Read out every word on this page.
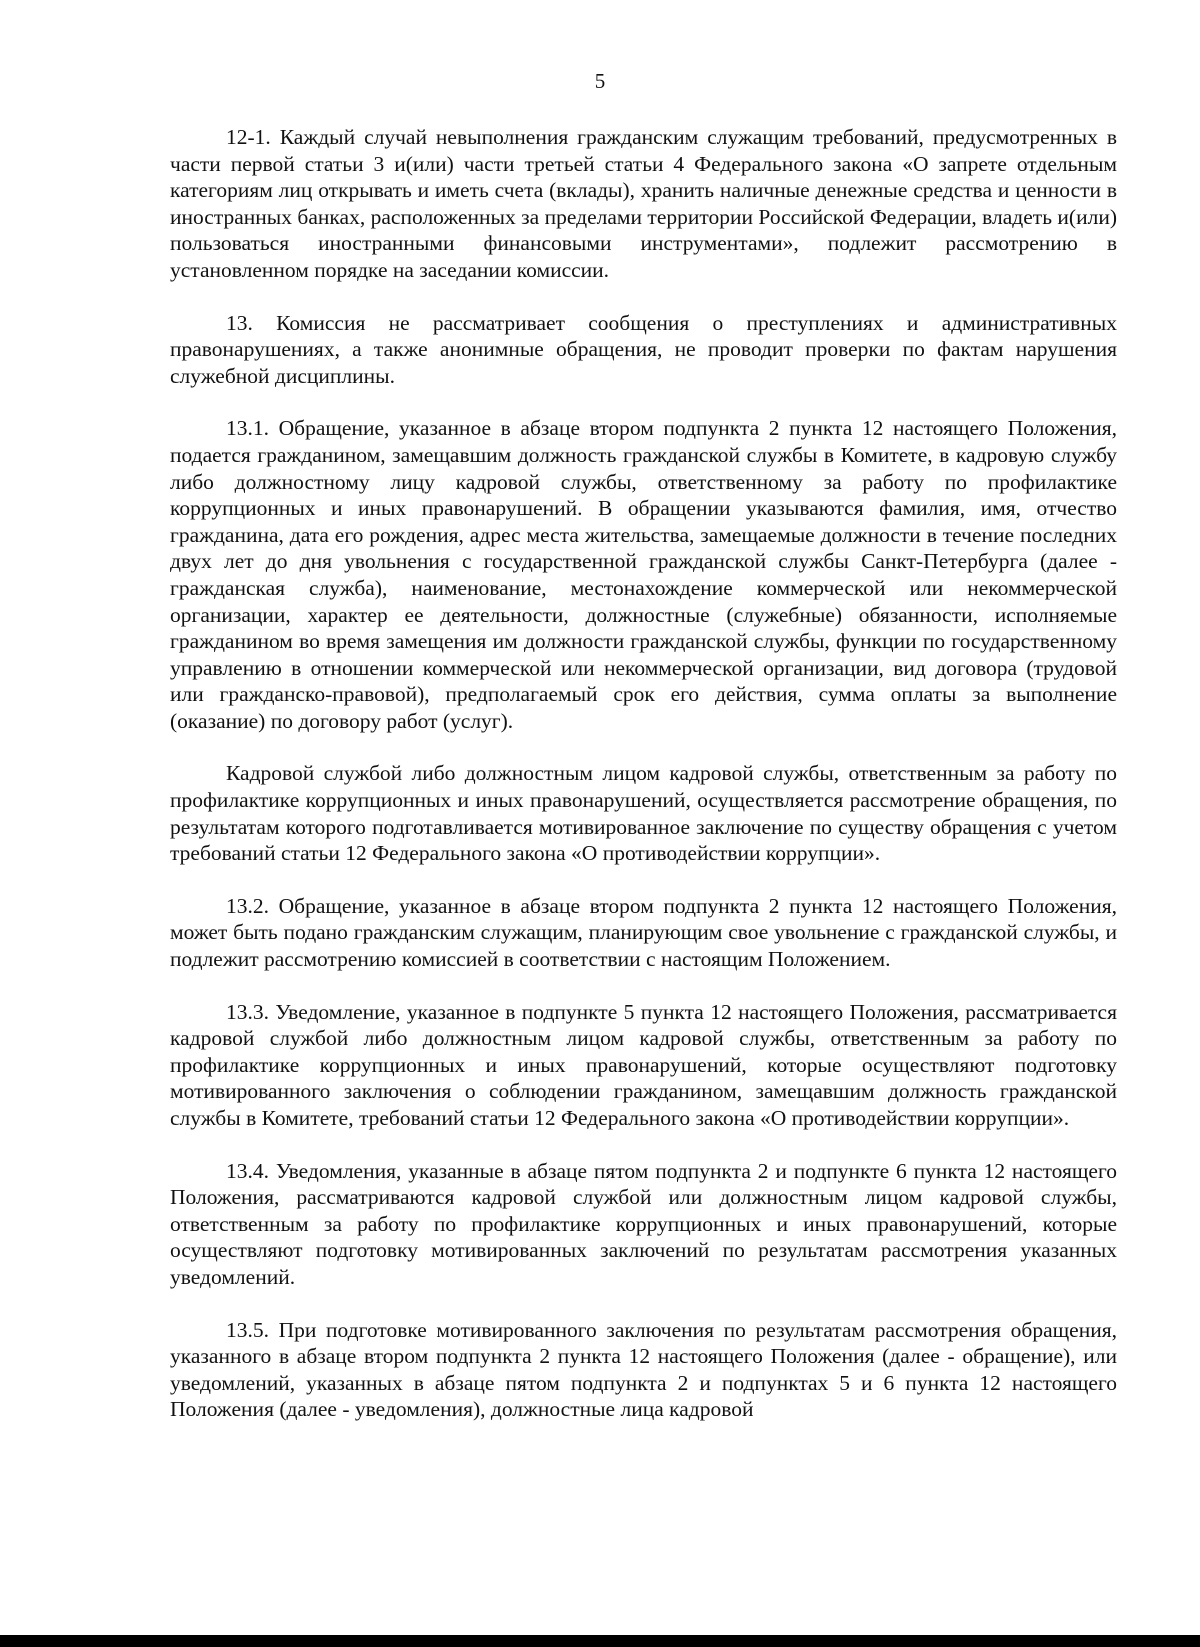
5

12-1. Каждый случай невыполнения гражданским служащим требований, предусмотренных в части первой статьи 3 и(или) части третьей статьи 4 Федерального закона «О запрете отдельным категориям лиц открывать и иметь счета (вклады), хранить наличные денежные средства и ценности в иностранных банках, расположенных за пределами территории Российской Федерации, владеть и(или) пользоваться иностранными финансовыми инструментами», подлежит рассмотрению в установленном порядке на заседании комиссии.

13. Комиссия не рассматривает сообщения о преступлениях и административных правонарушениях, а также анонимные обращения, не проводит проверки по фактам нарушения служебной дисциплины.

13.1. Обращение, указанное в абзаце втором подпункта 2 пункта 12 настоящего Положения, подается гражданином, замещавшим должность гражданской службы в Комитете, в кадровую службу либо должностному лицу кадровой службы, ответственному за работу по профилактике коррупционных и иных правонарушений. В обращении указываются фамилия, имя, отчество гражданина, дата его рождения, адрес места жительства, замещаемые должности в течение последних двух лет до дня увольнения с государственной гражданской службы Санкт-Петербурга (далее - гражданская служба), наименование, местонахождение коммерческой или некоммерческой организации, характер ее деятельности, должностные (служебные) обязанности, исполняемые гражданином во время замещения им должности гражданской службы, функции по государственному управлению в отношении коммерческой или некоммерческой организации, вид договора (трудовой или гражданско-правовой), предполагаемый срок его действия, сумма оплаты за выполнение (оказание) по договору работ (услуг).

Кадровой службой либо должностным лицом кадровой службы, ответственным за работу по профилактике коррупционных и иных правонарушений, осуществляется рассмотрение обращения, по результатам которого подготавливается мотивированное заключение по существу обращения с учетом требований статьи 12 Федерального закона «О противодействии коррупции».

13.2. Обращение, указанное в абзаце втором подпункта 2 пункта 12 настоящего Положения, может быть подано гражданским служащим, планирующим свое увольнение с гражданской службы, и подлежит рассмотрению комиссией в соответствии с настоящим Положением.

13.3. Уведомление, указанное в подпункте 5 пункта 12 настоящего Положения, рассматривается кадровой службой либо должностным лицом кадровой службы, ответственным за работу по профилактике коррупционных и иных правонарушений, которые осуществляют подготовку мотивированного заключения о соблюдении гражданином, замещавшим должность гражданской службы в Комитете, требований статьи 12 Федерального закона «О противодействии коррупции».

13.4. Уведомления, указанные в абзаце пятом подпункта 2 и подпункте 6 пункта 12 настоящего Положения, рассматриваются кадровой службой или должностным лицом кадровой службы, ответственным за работу по профилактике коррупционных и иных правонарушений, которые осуществляют подготовку мотивированных заключений по результатам рассмотрения указанных уведомлений.

13.5. При подготовке мотивированного заключения по результатам рассмотрения обращения, указанного в абзаце втором подпункта 2 пункта 12 настоящего Положения (далее - обращение), или уведомлений, указанных в абзаце пятом подпункта 2 и подпунктах 5 и 6 пункта 12 настоящего Положения (далее - уведомления), должностные лица кадровой
